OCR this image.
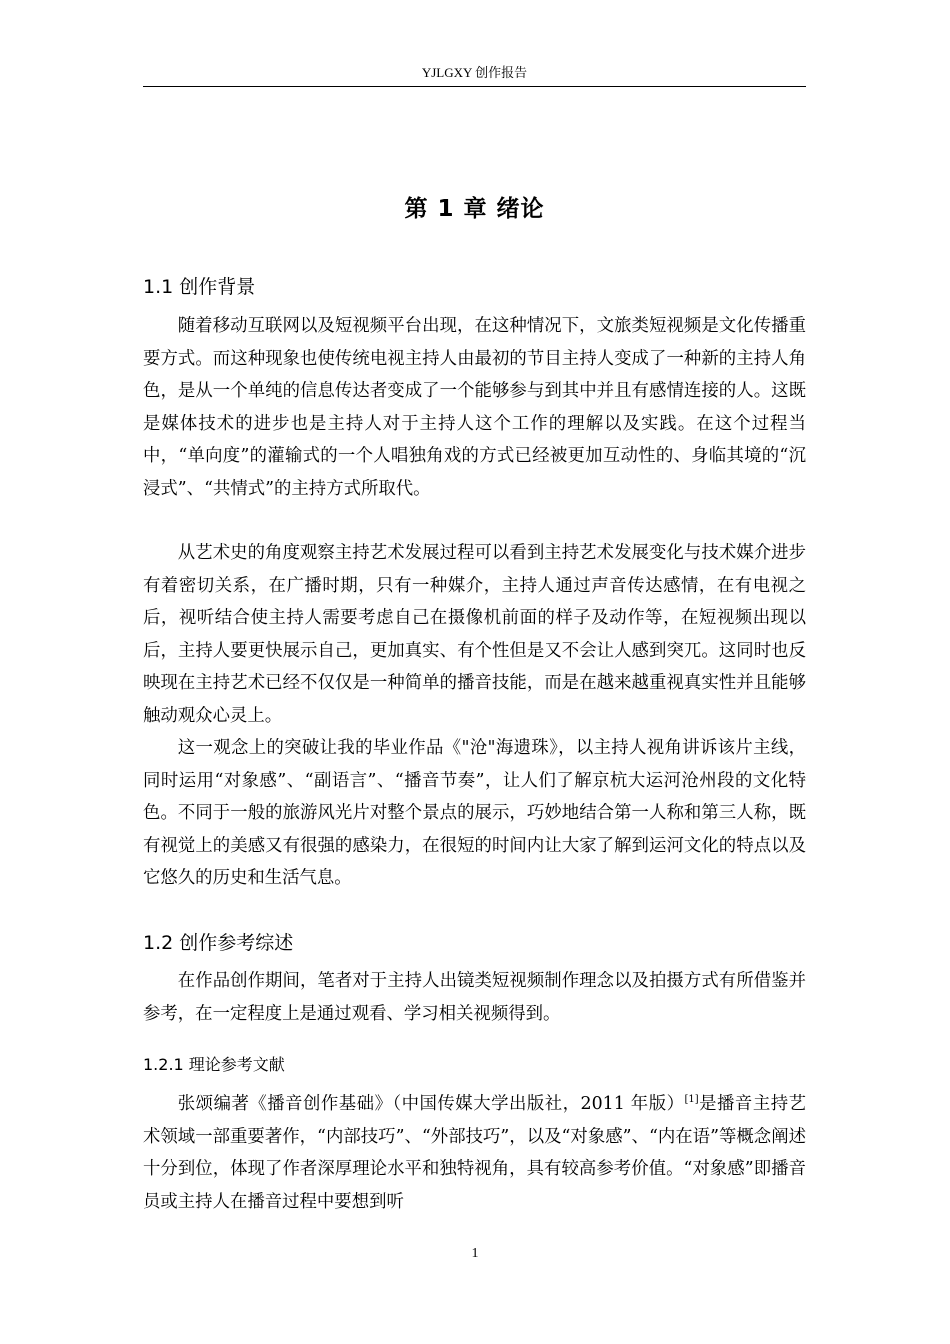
YJLGXY 创作报告
第 1 章 绪论
1.1 创作背景

随着移动互联网以及短视频平台出现，在这种情况下，文旅类短视频是文化传播重要方式。而这种现象也使传统电视主持人由最初的节目主持人变成了一种新的主持人角色，是从一个单纯的信息传达者变成了一个能够参与到其中并且有感情连接的人。这既是媒体技术的进步也是主持人对于主持人这个工作的理解以及实践。在这个过程当中，“单向度”的灌输式的一个人唱独角戏的方式已经被更加互动性的、身临其境的“沉浸式”、“共情式”的主持方式所取代。

从艺术史的角度观察主持艺术发展过程可以看到主持艺术发展变化与技术媒介进步有着密切关系，在广播时期，只有一种媒介，主持人通过声音传达感情，在有电视之后，视听结合使主持人需要考虑自己在摄像机前面的样子及动作等，在短视频出现以后，主持人要更快展示自己，更加真实、有个性但是又不会让人感到突兀。这同时也反映现在主持艺术已经不仅仅是一种简单的播音技能，而是在越来越重视真实性并且能够触动观众心灵上。

这一观念上的突破让我的毕业作品《"沧"海遗珠》，以主持人视角讲诉该片主线，同时运用“对象感”、“副语言”、“播音节奏”，让人们了解京杭大运河沧州段的文化特色。不同于一般的旅游风光片对整个景点的展示，巧妙地结合第一人称和第三人称，既有视觉上的美感又有很强的感染力，在很短的时间内让大家了解到运河文化的特点以及它悠久的历史和生活气息。

1.2 创作参考综述

在作品创作期间，笔者对于主持人出镜类短视频制作理念以及拍摄方式有所借鉴并参考，在一定程度上是通过观看、学习相关视频得到。

1.2.1 理论参考文献

张颂编著《播音创作基础》（中国传媒大学出版社，2011 年版）[1]是播音主持艺术领域一部重要著作，“内部技巧”、“外部技巧”，以及“对象感”、“内在语”等概念阐述十分到位，体现了作者深厚理论水平和独特视角，具有较高参考价值。“对象感”即播音员或主持人在播音过程中要想到听

1
